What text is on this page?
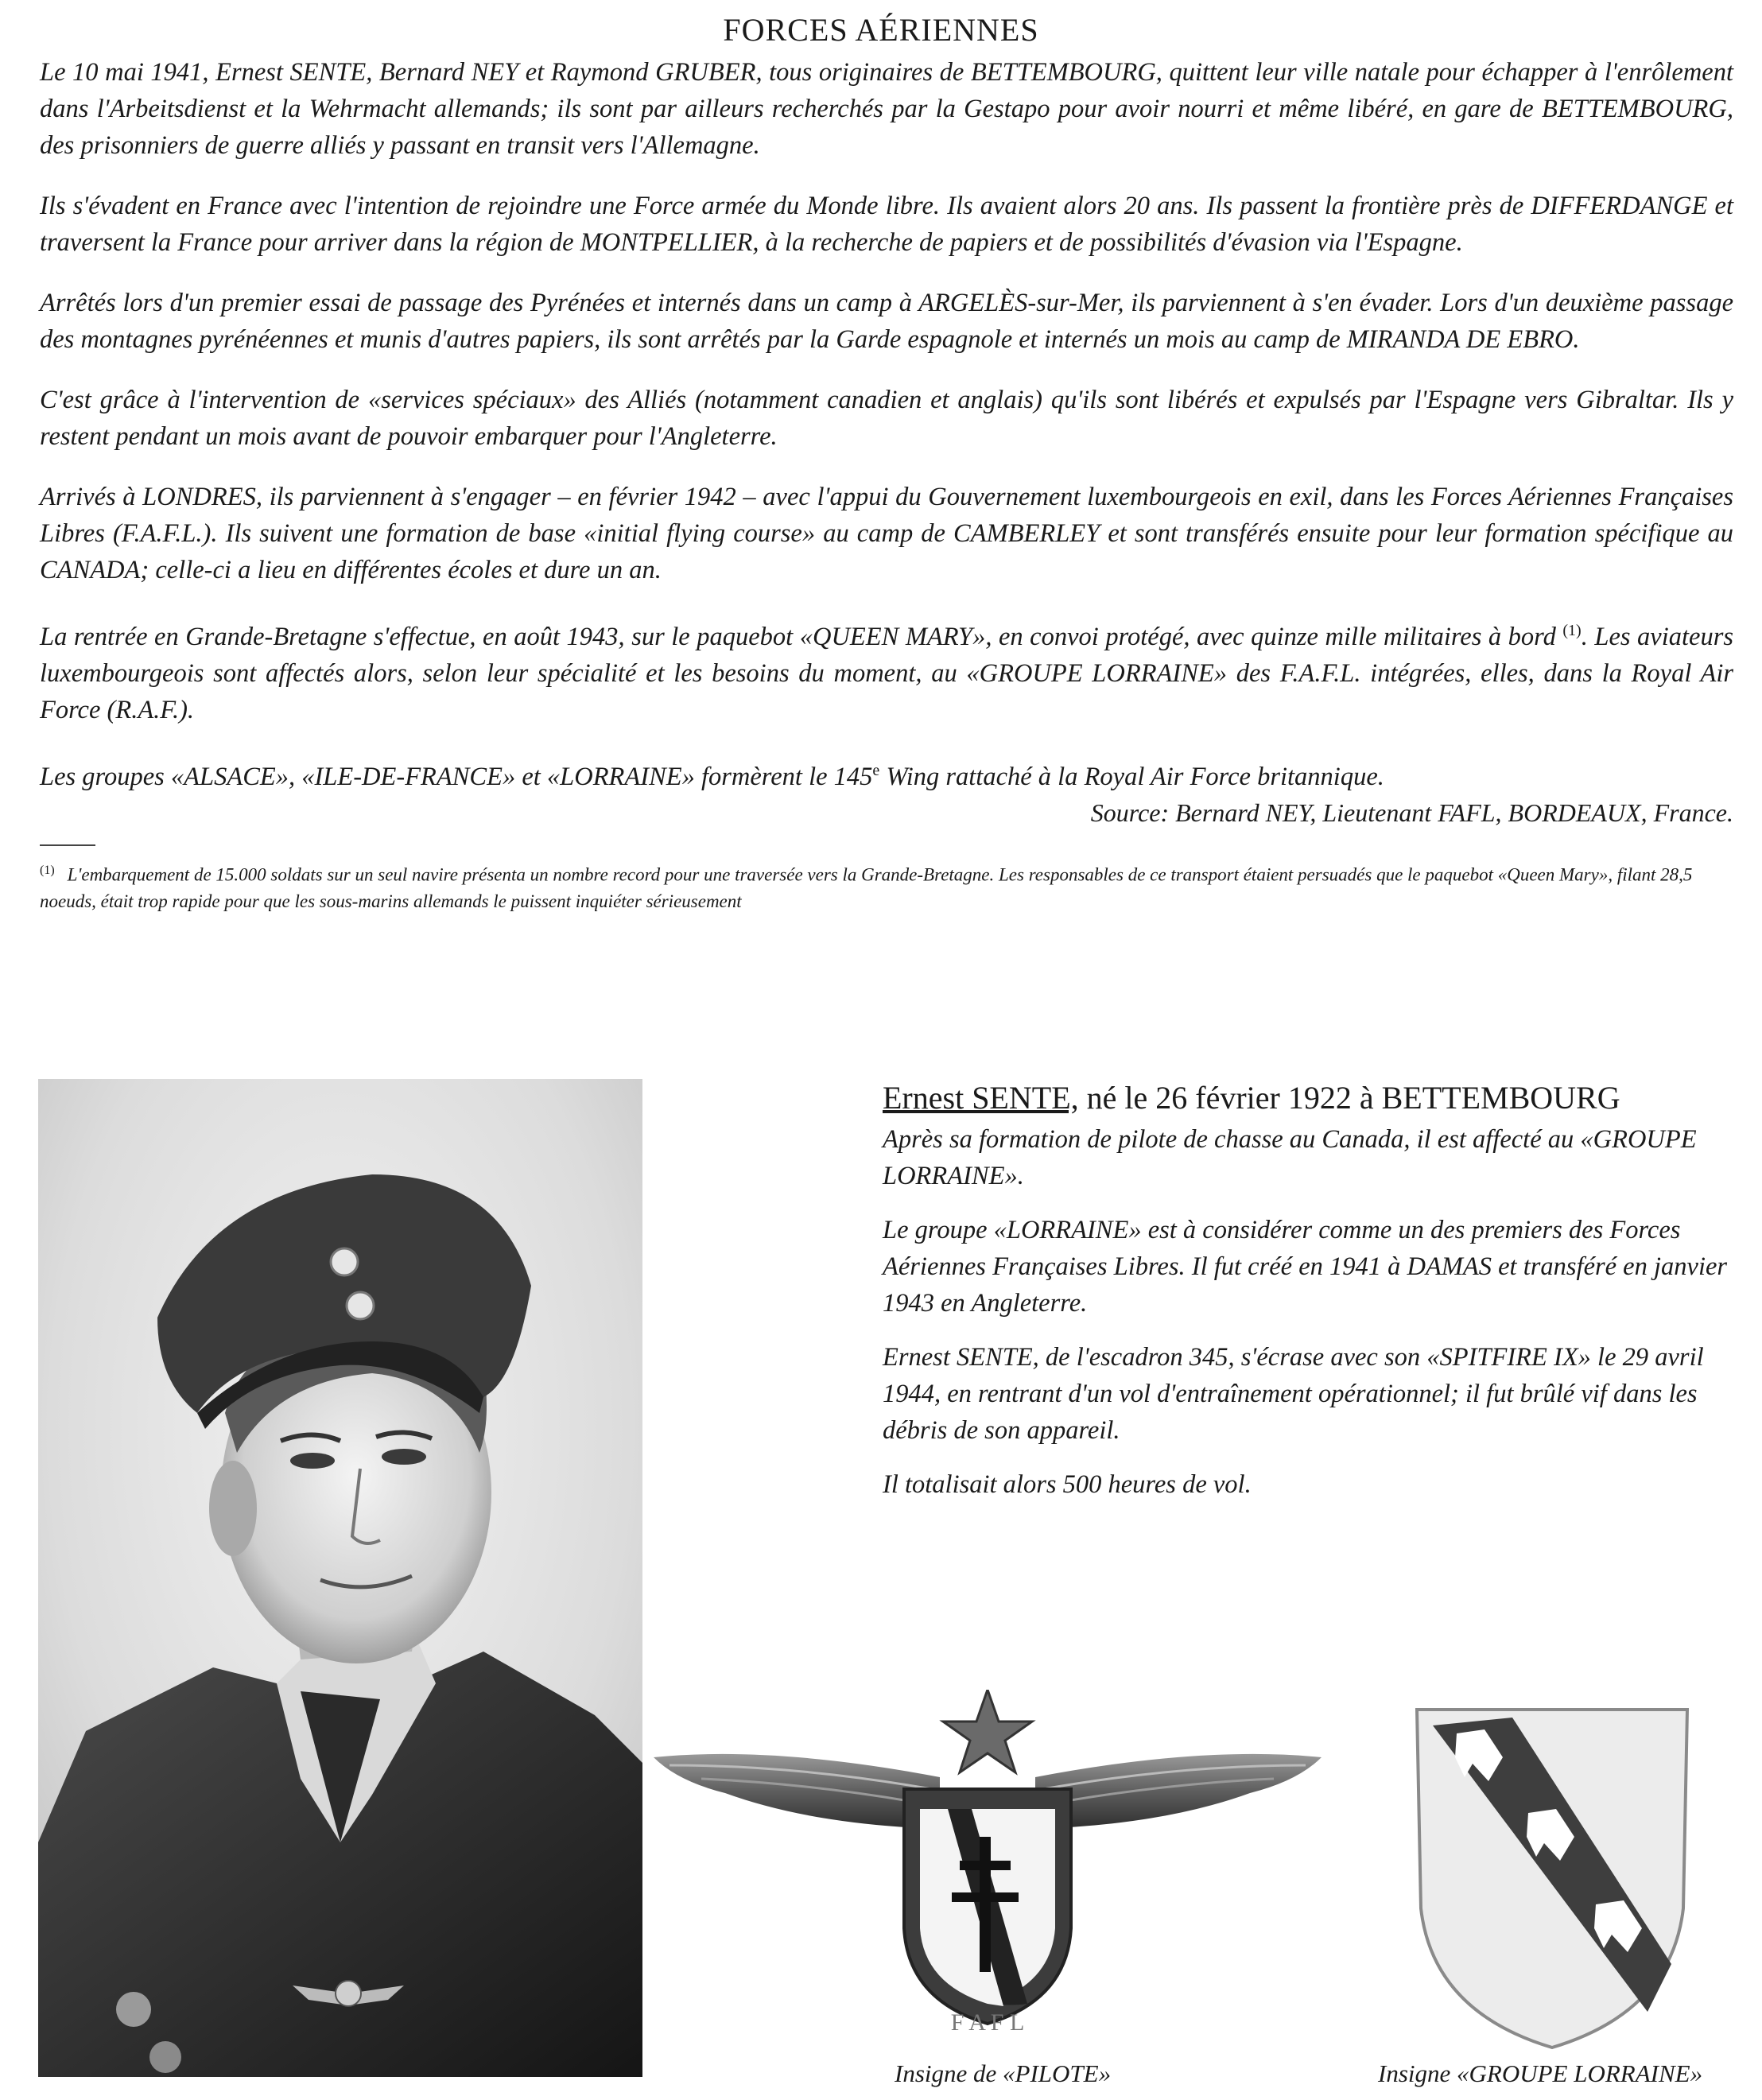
FORCES AÉRIENNES

Le 10 mai 1941, Ernest SENTE, Bernard NEY et Raymond GRUBER, tous originaires de BETTEMBOURG, quittent leur ville natale pour échapper à l'enrôlement dans l'Arbeitsdienst et la Wehrmacht allemands; ils sont par ailleurs recherchés par la Gestapo pour avoir nourri et même libéré, en gare de BETTEMBOURG, des prisonniers de guerre alliés y passant en transit vers l'Allemagne.

Ils s'évadent en France avec l'intention de rejoindre une Force armée du Monde libre. Ils avaient alors 20 ans. Ils passent la frontière près de DIFFERDANGE et traversent la France pour arriver dans la région de MONTPELLIER, à la recherche de papiers et de possibilités d'évasion via l'Espagne.

Arrêtés lors d'un premier essai de passage des Pyrénées et internés dans un camp à ARGELÈS-sur-Mer, ils parviennent à s'en évader. Lors d'un deuxième passage des montagnes pyrénéennes et munis d'autres papiers, ils sont arrêtés par la Garde espagnole et internés un mois au camp de MIRANDA DE EBRO.

C'est grâce à l'intervention de «services spéciaux» des Alliés (notamment canadien et anglais) qu'ils sont libérés et expulsés par l'Espagne vers Gibraltar. Ils y restent pendant un mois avant de pouvoir embarquer pour l'Angleterre.

Arrivés à LONDRES, ils parviennent à s'engager – en février 1942 – avec l'appui du Gouvernement luxembourgeois en exil, dans les Forces Aériennes Françaises Libres (F.A.F.L.). Ils suivent une formation de base «initial flying course» au camp de CAMBERLEY et sont transférés ensuite pour leur formation spécifique au CANADA; celle-ci a lieu en différentes écoles et dure un an.

La rentrée en Grande-Bretagne s'effectue, en août 1943, sur le paquebot «QUEEN MARY», en convoi protégé, avec quinze mille militaires à bord $^{(1)}$. Les aviateurs luxembourgeois sont affectés alors, selon leur spécialité et les besoins du moment, au «GROUPE LORRAINE» des F.A.F.L. intégrées, elles, dans la Royal Air Force (R.A.F.).

Les groupes «ALSACE», «ILE-DE-FRANCE» et «LORRAINE» formèrent le 145e Wing rattaché à la Royal Air Force britannique.

Source: Bernard NEY, Lieutenant FAFL, BORDEAUX, France.
$^{(1)}$ L'embarquement de 15.000 soldats sur un seul navire présenta un nombre record pour une traversée vers la Grande-Bretagne. Les responsables de ce transport étaient persuadés que le paquebot «Queen Mary», filant 28,5 noeuds, était trop rapide pour que les sous-marins allemands le puissent inquiéter sérieusement
Ernest SENTE, né le 26 février 1922 à BETTEMBOURG

Après sa formation de pilote de chasse au Canada, il est affecté au «GROUPE LORRAINE».

Le groupe «LORRAINE» est à considérer comme un des premiers des Forces Aériennes Françaises Libres. Il fut créé en 1941 à DAMAS et transféré en janvier 1943 en Angleterre.

Ernest SENTE, de l'escadron 345, s'écrase avec son «SPITFIRE IX» le 29 avril 1944, en rentrant d'un vol d'entraînement opérationnel; il fut brûlé vif dans les débris de son appareil.

Il totalisait alors 500 heures de vol.

F A F L
Insigne de «PILOTE»	Insigne «GROUPE LORRAINE»
